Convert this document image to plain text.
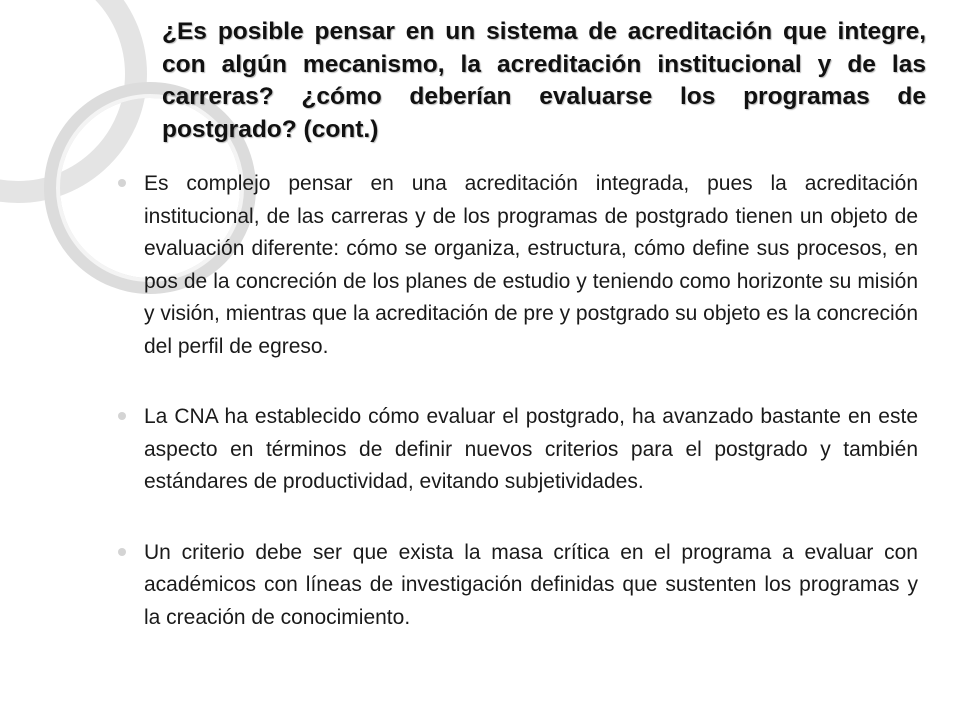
¿Es posible pensar en un sistema de acreditación que integre, con algún mecanismo, la acreditación institucional y de las carreras? ¿cómo deberían evaluarse los programas de postgrado? (cont.)
Es complejo pensar en una acreditación integrada, pues la acreditación institucional, de las carreras y de los programas de postgrado tienen un objeto de evaluación diferente: cómo se organiza, estructura, cómo define sus procesos, en pos de la concreción de los planes de estudio y teniendo como horizonte su misión y visión, mientras que la acreditación de pre y postgrado su objeto es la concreción del perfil de egreso.
La CNA ha establecido cómo evaluar el postgrado, ha avanzado bastante en este aspecto en términos de definir nuevos criterios para el postgrado y también estándares de productividad, evitando subjetividades.
Un criterio debe ser que exista la masa crítica en el programa a evaluar con académicos con líneas de investigación definidas que sustenten los programas y la creación de conocimiento.
